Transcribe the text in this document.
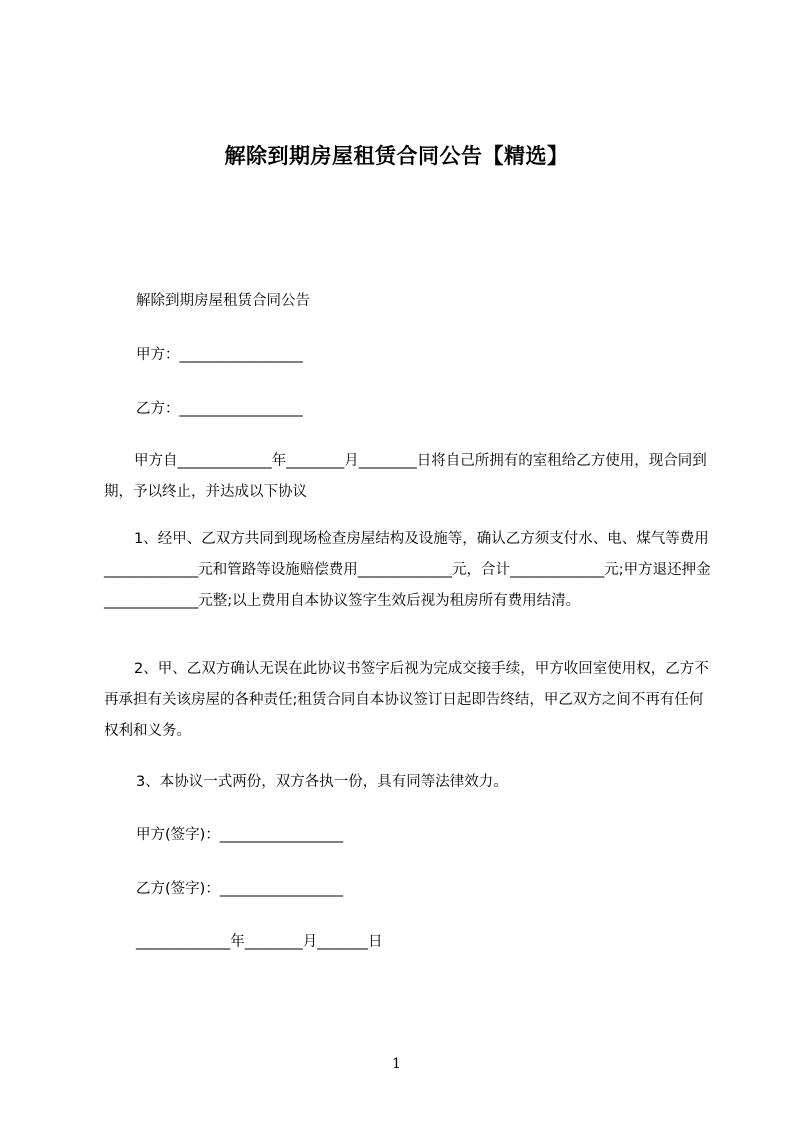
解除到期房屋租赁合同公告【精选】
解除到期房屋租赁合同公告
甲方：_________________
乙方：_________________
甲方自_____________年________月________日将自己所拥有的室租给乙方使用，现合同到期，予以终止，并达成以下协议
1、经甲、乙双方共同到现场检查房屋结构及设施等，确认乙方须支付水、电、煤气等费用_____________元和管路等设施赔偿费用_____________元，合计_____________元;甲方退还押金_____________元整;以上费用自本协议签字生效后视为租房所有费用结清。
2、甲、乙双方确认无误在此协议书签字后视为完成交接手续，甲方收回室使用权，乙方不再承担有关该房屋的各种责任;租赁合同自本协议签订日起即告终结，甲乙双方之间不再有任何权利和义务。
3、本协议一式两份，双方各执一份，具有同等法律效力。
甲方(签字)：_________________
乙方(签字)：_________________
_____________年________月_______日
1
